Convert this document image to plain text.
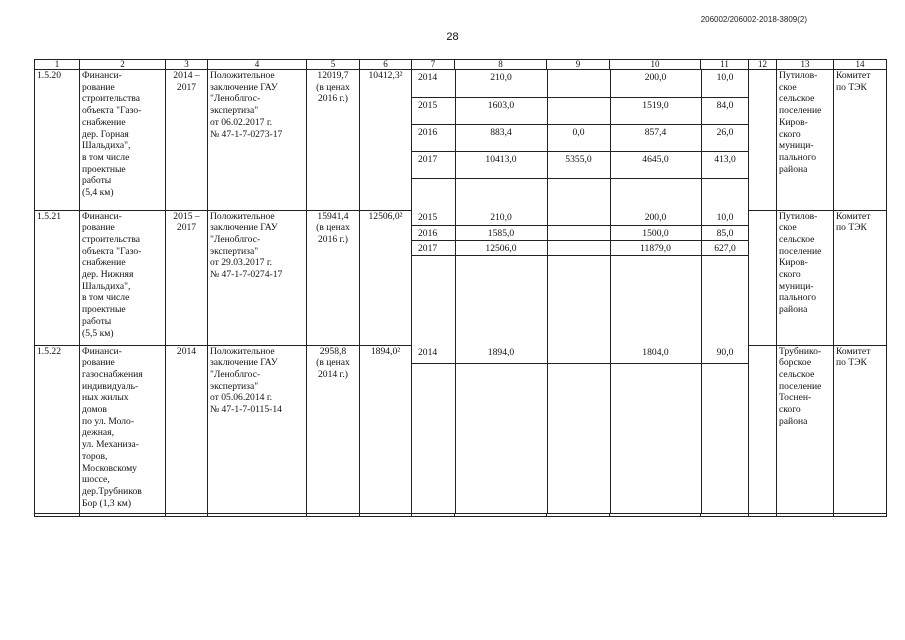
206002/206002-2018-3809(2)
28
1	2	3	4	5	6	7	8	9	10	11	12	13	14
1.5.20	Финанси-
рование
строительства
объекта "Газо-
снабжение
дер. Горная
Шальдиха",
в том числе
проектные
работы
(5,4 км)	2014 –
2017	Положительное
заключение ГАУ
"Леноблгос-
экспертиза"
от 06.02.2017 г.
№ 47-1-7-0273-17	12019,7
(в ценах
2016 г.)	10412,3²	2014	210,0		200,0	10,0
2015	1603,0		1519,0	84,0
2016	883,4	0,0	857,4	26,0
2017	10413,0	5355,0	4645,0	413,0

		Путилов-
ское
сельское
поселение
Киров-
ского
муници-
пального
района	Комитет
по ТЭК
1.5.21	Финанси-
рование
строительства
объекта "Газо-
снабжение
дер. Нижняя
Шальдиха",
в том числе
проектные
работы
(5,5 км)	2015 –
2017	Положительное
заключение ГАУ
"Леноблгос-
экспертиза"
от 29.03.2017 г.
№ 47-1-7-0274-17	15941,4
(в ценах
2016 г.)	12506,0²	2015	210,0		200,0	10,0
2016	1585,0		1500,0	85,0
2017	12506,0		11879,0	627,0

		Путилов-
ское
сельское
поселение
Киров-
ского
муници-
пального
района	Комитет
по ТЭК
1.5.22	Финанси-
рование
газоснабжения
индивидуаль-
ных жилых
домов
по ул. Моло-
дежная,
ул. Механиза-
торов,
Московскому
шоссе,
дер.Трубников
Бор (1,3 км)	2014	Положительное
заключение ГАУ
"Леноблгос-
экспертиза"
от 05.06.2014 г.
№ 47-1-7-0115-14	2958,8
(в ценах
2014 г.)	1894,0²	2014	1894,0		1804,0	90,0

			Трубнико-
борское
сельское
поселение
Тоснен-
ского
района	Комитет
по ТЭК
